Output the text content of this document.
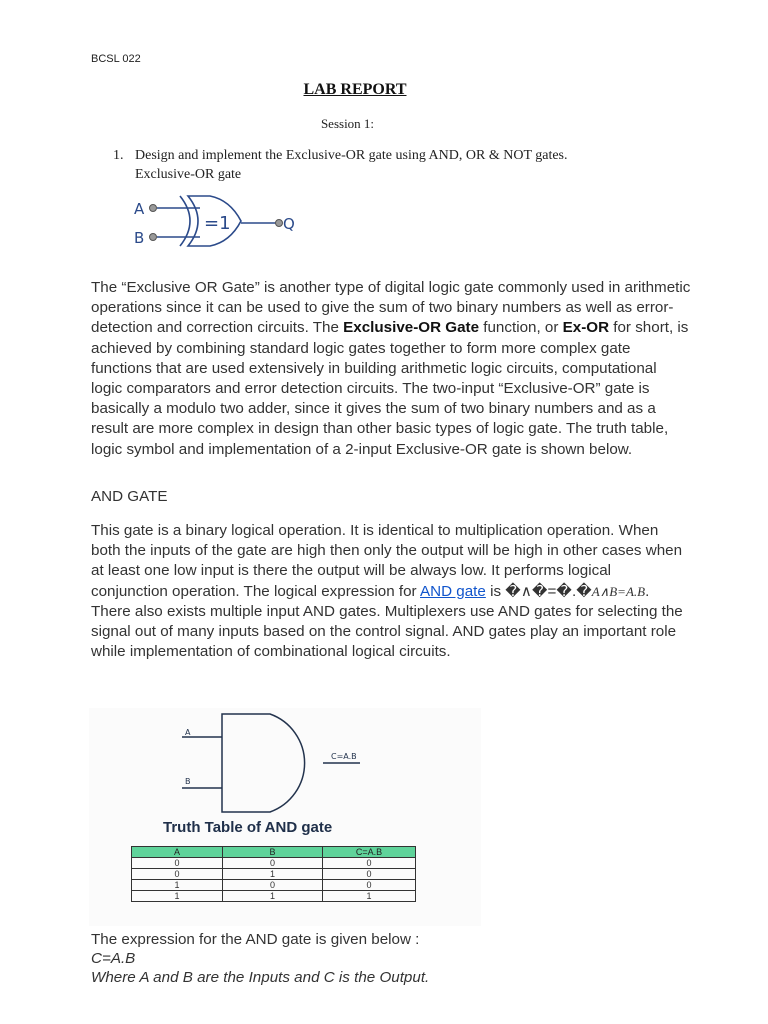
BCSL 022
LAB REPORT
Session 1:
1. Design and implement the Exclusive-OR gate using AND, OR & NOT gates.
Exclusive-OR gate
A
B
=1	Q
The “Exclusive OR Gate” is another type of digital logic gate commonly used in arithmetic operations since it can be used to give the sum of two binary numbers as well as error-detection and correction circuits. The Exclusive-OR Gate function, or Ex-OR for short, is achieved by combining standard logic gates together to form more complex gate functions that are used extensively in building arithmetic logic circuits, computational logic comparators and error detection circuits. The two-input “Exclusive-OR” gate is basically a modulo two adder, since it gives the sum of two binary numbers and as a result are more complex in design than other basic types of logic gate. The truth table, logic symbol and implementation of a 2-input Exclusive-OR gate is shown below.
AND GATE
This gate is a binary logical operation. It is identical to multiplication operation. When both the inputs of the gate are high then only the output will be high in other cases when at least one low input is there the output will be always low. It performs logical conjunction operation. The logical expression for AND gate is �∧�=�.�A∧B=A.B. There also exists multiple input AND gates. Multiplexers use AND gates for selecting the signal out of many inputs based on the control signal. AND gates play an important role while implementation of combinational logical circuits.
A
B
C=A.B
Truth Table of AND gate
A	B	C=A.B
0	0	0
0	1	0
1	0	0
1	1	1
The expression for the AND gate is given below :
C=A.B
Where A and B are the Inputs and C is the Output.
